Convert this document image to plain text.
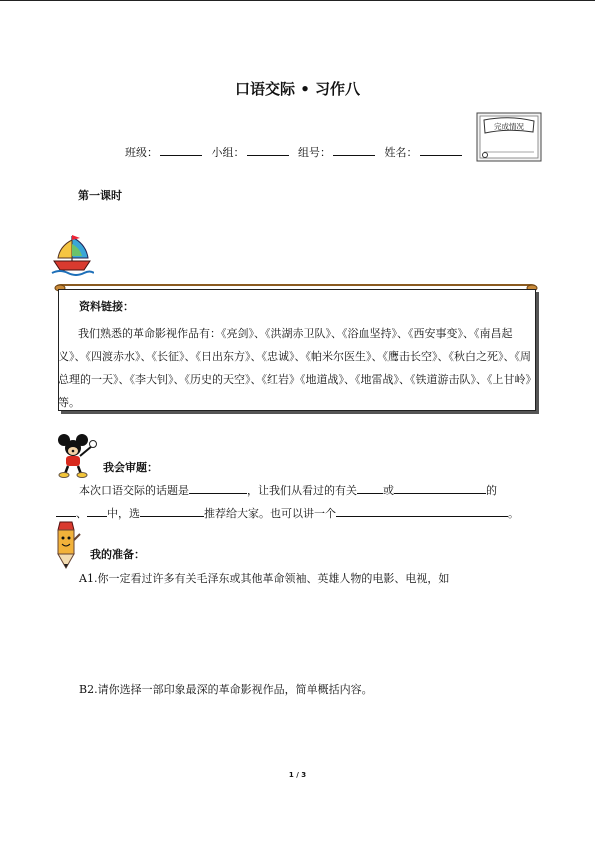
口语交际 • 习作八
班级：	小组：	组号：	姓名：
完成情况
第一课时
资料链接：
我们熟悉的革命影视作品有：《亮剑》、《洪湖赤卫队》、《浴血坚持》、《西安事变》、《南昌起义》、《四渡赤水》、《长征》、《日出东方》、《忠诚》、《帕米尔医生》、《鹰击长空》、《秋白之死》、《周总理的一天》、《李大钊》、《历史的天空》、《红岩》《地道战》、《地雷战》、《铁道游击队》、《上甘岭》等。
我会审题：
本次口语交际的话题是	，让我们从看过的有关 或	的
、 中，选	推荐给大家。也可以讲一个	。
我的准备：
A1.你一定看过许多有关毛泽东或其他革命领袖、英雄人物的电影、电视，如
B2.请你选择一部印象最深的革命影视作品，简单概括内容。
1 / 3
